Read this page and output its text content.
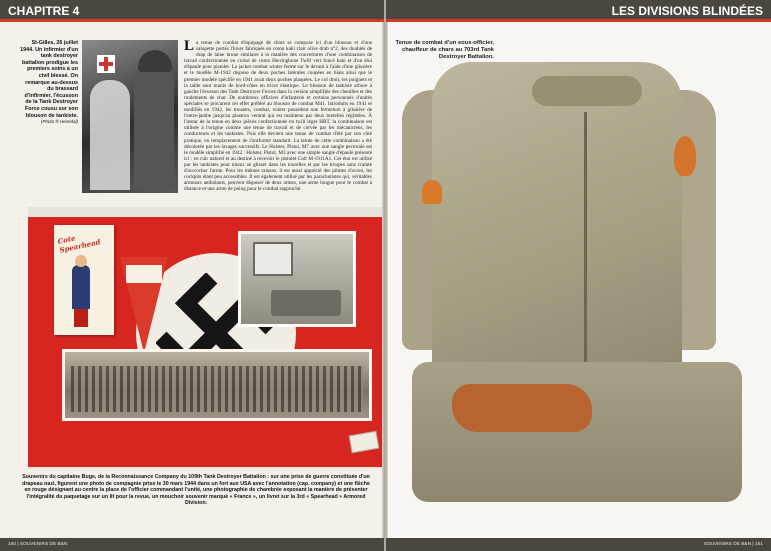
CHAPITRE 4	LES DIVISIONS BLINDÉES
St-Gilles, 26 juillet 1944. Un infirmier d'un tank destroyer battalion prodigue les premiers soins à un civil blessé. On remarque au-dessus du brassard d'infirmier, l'écusson de la Tank Destroyer Force cousu sur son blouson de tankiste.
(Photo ® Heimdal)
L a tenue de combat d'équipage de chars se compose ici d'un blouson et d'une salopette portés l'hiver fabriqués en coton kaki clair olive drab n°2, des doublés de drap de laine brune similaire à la manière des couvertures d'une combinaison de travail confectionnée en croisé de coton Herringbone Twill vert foncé kaki et d'un étui d'épaule pour pistolet. La jacket combat winter ferme sur le devant à l'aide d'une glissière et le modèle M-1942 dispose de deux poches latérales coupées en biais ainsi que le premier modèle spécifié en 1941 avait deux poches plaquées. Le col droit, les poignets et la taille sont munis de bord-côtes en tricot élastique. Le blouson de tankiste arbore à gauche l'écusson des Tank Destroyer Forces dans la version simplifiée des chenilles et des roulements de char. De nombreux officiers d'infanterie et certains personnels d'unités spéciales se procurent cet effet préféré au blouson de combat M41. Introduits en 1941 et modifiés en 1942, les trousers, combat, winter possèdent une fermeture à glissière de l'entre-jambe jusqu'au plastron ventral qui est maintenu par deux bretelles réglables. À l'instar de la tenue en deux pièces confectionnée en twill léger HBT, la combinaison est utilisée à l'origine comme une tenue de travail et de corvée par les mécaniciens, les conducteurs et les tankistes. Puis elle devient une tenue de combat d'été par son côté pratique, en remplacement de l'uniforme standard. La teinte de cette combinaison a été décolorée par les lavages successifs. Le Holster, Pistol, M7 avec une sangle pectorale est le modèle simplifié en 1942 : Holster, Pistol, M3 avec une simple sangle d'épaule présenté ici : en cuir naturel et au destiné à recevoir le pistolet Colt M-1911A1. Cet étui est utilisé par les tankistes pour mieux se glisser dans les tourelles et par les troupes sans crainte d'accrocher l'arme. Pour les mêmes raisons, il est aussi apprécié des pilotes d'avion, les cockpits étant peu accessibles. Il est également utilisé par les parachutistes qui, véritables armeaux ambulants, peuvent disposer de deux armes, une arme longue pour le combat à distance et une arme de poing pour le combat rapproché.
Cote Spearhead
Souvenirs du capitaine Buge, de la Reconnaissance Company du 109th Tank Destroyer Battalion : sur une prise de guerre constituée d'un drapeau nazi, figurent une photo de compagnie prise le 30 mars 1944 dans un fort aux USA avec l'annotation (cap. company) et une flèche en rouge désignant au centre la place de l'officier commandant l'unité, une photographie de chambrée exposant la manière de présenter l'intégralité du paquetage sur un lit pour la revue, un mouchoir souvenir marqué « France », un livret sur la 3rd « Spearhead » Armored Division.
Tenue de combat d'un sous-officier, chauffeur de chars au 703rd Tank Destroyer Battalion.
160 | SOUVENIRS DE B&N	SOUVENIRS DE B&N | 161
